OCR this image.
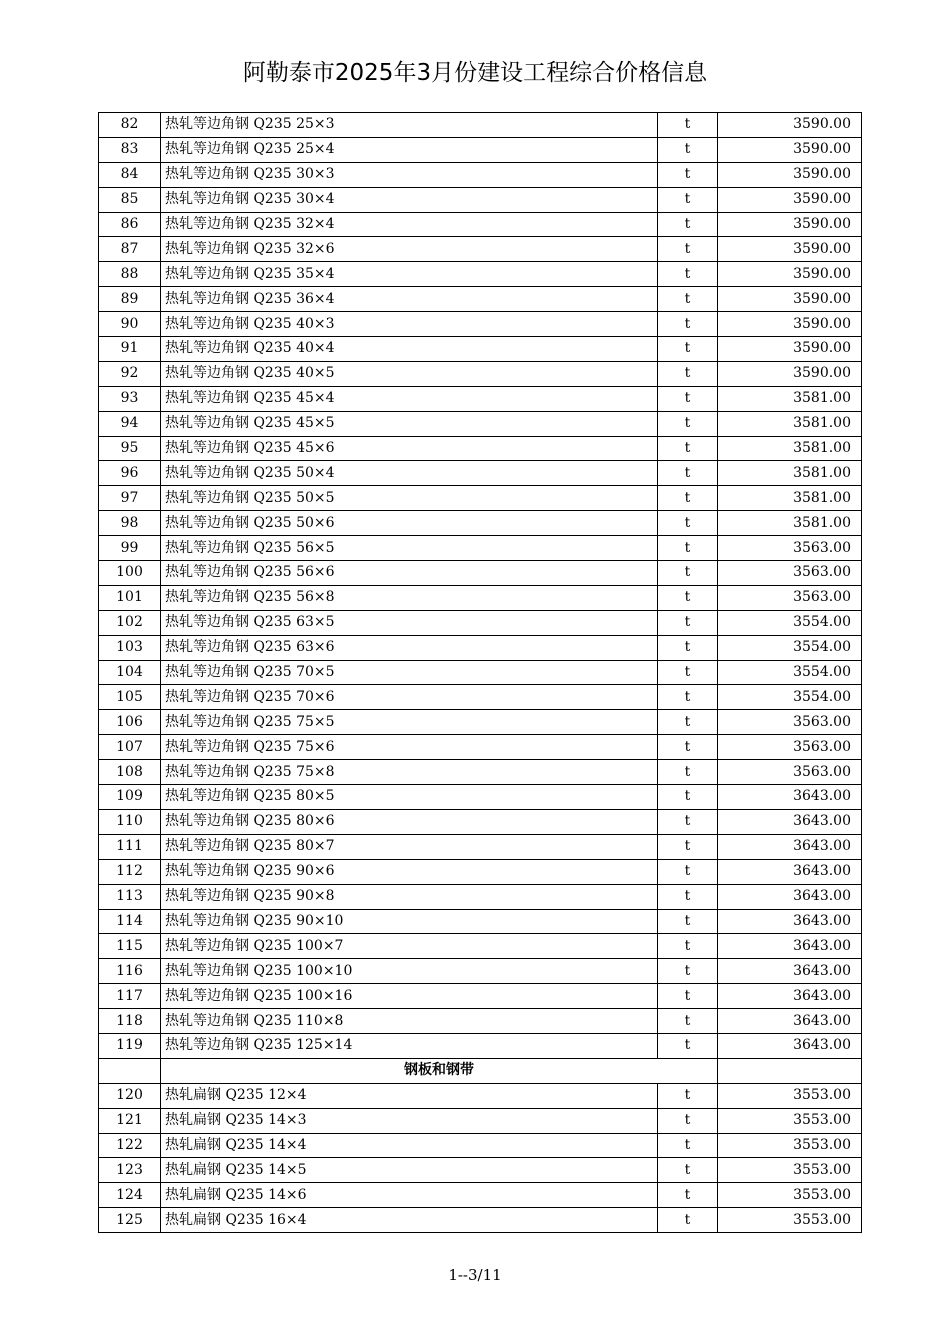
阿勒泰市2025年3月份建设工程综合价格信息
82	热轧等边角钢 Q235 25×3	t	3590.00
83	热轧等边角钢 Q235 25×4	t	3590.00
84	热轧等边角钢 Q235 30×3	t	3590.00
85	热轧等边角钢 Q235 30×4	t	3590.00
86	热轧等边角钢 Q235 32×4	t	3590.00
87	热轧等边角钢 Q235 32×6	t	3590.00
88	热轧等边角钢 Q235 35×4	t	3590.00
89	热轧等边角钢 Q235 36×4	t	3590.00
90	热轧等边角钢 Q235 40×3	t	3590.00
91	热轧等边角钢 Q235 40×4	t	3590.00
92	热轧等边角钢 Q235 40×5	t	3590.00
93	热轧等边角钢 Q235 45×4	t	3581.00
94	热轧等边角钢 Q235 45×5	t	3581.00
95	热轧等边角钢 Q235 45×6	t	3581.00
96	热轧等边角钢 Q235 50×4	t	3581.00
97	热轧等边角钢 Q235 50×5	t	3581.00
98	热轧等边角钢 Q235 50×6	t	3581.00
99	热轧等边角钢 Q235 56×5	t	3563.00
100	热轧等边角钢 Q235 56×6	t	3563.00
101	热轧等边角钢 Q235 56×8	t	3563.00
102	热轧等边角钢 Q235 63×5	t	3554.00
103	热轧等边角钢 Q235 63×6	t	3554.00
104	热轧等边角钢 Q235 70×5	t	3554.00
105	热轧等边角钢 Q235 70×6	t	3554.00
106	热轧等边角钢 Q235 75×5	t	3563.00
107	热轧等边角钢 Q235 75×6	t	3563.00
108	热轧等边角钢 Q235 75×8	t	3563.00
109	热轧等边角钢 Q235 80×5	t	3643.00
110	热轧等边角钢 Q235 80×6	t	3643.00
111	热轧等边角钢 Q235 80×7	t	3643.00
112	热轧等边角钢 Q235 90×6	t	3643.00
113	热轧等边角钢 Q235 90×8	t	3643.00
114	热轧等边角钢 Q235 90×10	t	3643.00
115	热轧等边角钢 Q235 100×7	t	3643.00
116	热轧等边角钢 Q235 100×10	t	3643.00
117	热轧等边角钢 Q235 100×16	t	3643.00
118	热轧等边角钢 Q235 110×8	t	3643.00
119	热轧等边角钢 Q235 125×14	t	3643.00
	钢板和钢带		
120	热轧扁钢 Q235 12×4	t	3553.00
121	热轧扁钢 Q235 14×3	t	3553.00
122	热轧扁钢 Q235 14×4	t	3553.00
123	热轧扁钢 Q235 14×5	t	3553.00
124	热轧扁钢 Q235 14×6	t	3553.00
125	热轧扁钢 Q235 16×4	t	3553.00
1--3/11
